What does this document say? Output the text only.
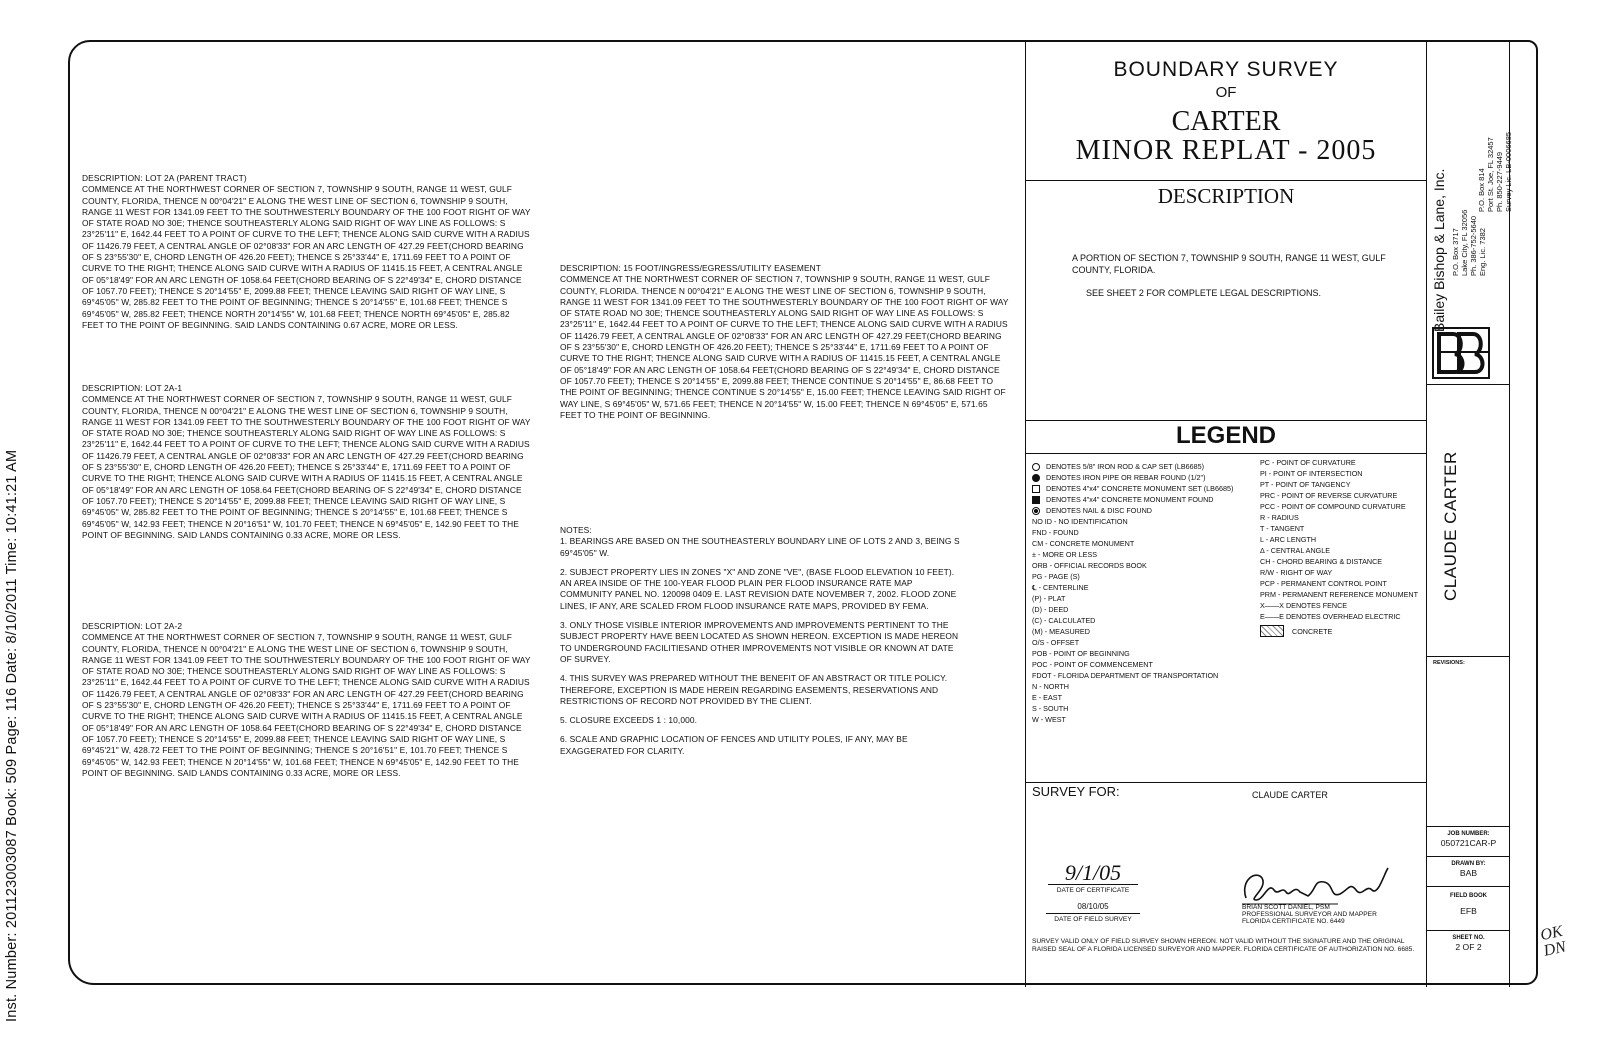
Inst. Number: 201123003087 Book: 509 Page: 116 Date: 8/10/2011 Time: 10:41:21 AM
DESCRIPTION: LOT 2A (PARENT TRACT)
COMMENCE AT THE NORTHWEST CORNER OF SECTION 7, TOWNSHIP 9 SOUTH, RANGE 11 WEST, GULF COUNTY, FLORIDA, THENCE N 00°04'21" E ALONG THE WEST LINE OF SECTION 6, TOWNSHIP 9 SOUTH, RANGE 11 WEST FOR 1341.09 FEET TO THE SOUTHWESTERLY BOUNDARY OF THE 100 FOOT RIGHT OF WAY OF STATE ROAD NO 30E; THENCE SOUTHEASTERLY ALONG SAID RIGHT OF WAY LINE AS FOLLOWS: S 23°25'11" E, 1642.44 FEET TO A POINT OF CURVE TO THE LEFT; THENCE ALONG SAID CURVE WITH A RADIUS OF 11426.79 FEET, A CENTRAL ANGLE OF 02°08'33" FOR AN ARC LENGTH OF 427.29 FEET(CHORD BEARING OF S 23°55'30" E, CHORD LENGTH OF 426.20 FEET); THENCE S 25°33'44" E, 1711.69 FEET TO A POINT OF CURVE TO THE RIGHT; THENCE ALONG SAID CURVE WITH A RADIUS OF 11415.15 FEET, A CENTRAL ANGLE OF 05°18'49" FOR AN ARC LENGTH OF 1058.64 FEET(CHORD BEARING OF S 22°49'34" E, CHORD DISTANCE OF 1057.70 FEET); THENCE S 20°14'55" E, 2099.88 FEET; THENCE LEAVING SAID RIGHT OF WAY LINE, S 69°45'05" W, 285.82 FEET TO THE POINT OF BEGINNING; THENCE S 20°14'55" E, 101.68 FEET; THENCE S 69°45'05" W, 285.82 FEET; THENCE NORTH 20°14'55" W, 101.68 FEET; THENCE NORTH 69°45'05" E, 285.82 FEET TO THE POINT OF BEGINNING. SAID LANDS CONTAINING 0.67 ACRE, MORE OR LESS.
DESCRIPTION: LOT 2A-1
COMMENCE AT THE NORTHWEST CORNER OF SECTION 7, TOWNSHIP 9 SOUTH, RANGE 11 WEST, GULF COUNTY, FLORIDA, THENCE N 00°04'21" E ALONG THE WEST LINE OF SECTION 6, TOWNSHIP 9 SOUTH, RANGE 11 WEST FOR 1341.09 FEET TO THE SOUTHWESTERLY BOUNDARY OF THE 100 FOOT RIGHT OF WAY OF STATE ROAD NO 30E; THENCE SOUTHEASTERLY ALONG SAID RIGHT OF WAY LINE AS FOLLOWS: S 23°25'11" E, 1642.44 FEET TO A POINT OF CURVE TO THE LEFT; THENCE ALONG SAID CURVE WITH A RADIUS OF 11426.79 FEET, A CENTRAL ANGLE OF 02°08'33" FOR AN ARC LENGTH OF 427.29 FEET(CHORD BEARING OF S 23°55'30" E, CHORD LENGTH OF 426.20 FEET); THENCE S 25°33'44" E, 1711.69 FEET TO A POINT OF CURVE TO THE RIGHT; THENCE ALONG SAID CURVE WITH A RADIUS OF 11415.15 FEET, A CENTRAL ANGLE OF 05°18'49" FOR AN ARC LENGTH OF 1058.64 FEET(CHORD BEARING OF S 22°49'34" E, CHORD DISTANCE OF 1057.70 FEET); THENCE S 20°14'55" E, 2099.88 FEET; THENCE LEAVING SAID RIGHT OF WAY LINE, S 69°45'05" W, 285.82 FEET TO THE POINT OF BEGINNING; THENCE S 20°14'55" E, 101.68 FEET; THENCE S 69°45'05" W, 142.93 FEET; THENCE N 20°16'51" W, 101.70 FEET; THENCE N 69°45'05" E, 142.90 FEET TO THE POINT OF BEGINNING. SAID LANDS CONTAINING 0.33 ACRE, MORE OR LESS.
DESCRIPTION: LOT 2A-2
COMMENCE AT THE NORTHWEST CORNER OF SECTION 7, TOWNSHIP 9 SOUTH, RANGE 11 WEST, GULF COUNTY, FLORIDA, THENCE N 00°04'21" E ALONG THE WEST LINE OF SECTION 6, TOWNSHIP 9 SOUTH, RANGE 11 WEST FOR 1341.09 FEET TO THE SOUTHWESTERLY BOUNDARY OF THE 100 FOOT RIGHT OF WAY OF STATE ROAD NO 30E; THENCE SOUTHEASTERLY ALONG SAID RIGHT OF WAY LINE AS FOLLOWS: S 23°25'11" E, 1642.44 FEET TO A POINT OF CURVE TO THE LEFT; THENCE ALONG SAID CURVE WITH A RADIUS OF 11426.79 FEET, A CENTRAL ANGLE OF 02°08'33" FOR AN ARC LENGTH OF 427.29 FEET(CHORD BEARING OF S 23°55'30" E, CHORD LENGTH OF 426.20 FEET); THENCE S 25°33'44" E, 1711.69 FEET TO A POINT OF CURVE TO THE RIGHT; THENCE ALONG SAID CURVE WITH A RADIUS OF 11415.15 FEET, A CENTRAL ANGLE OF 05°18'49" FOR AN ARC LENGTH OF 1058.64 FEET(CHORD BEARING OF S 22°49'34" E, CHORD DISTANCE OF 1057.70 FEET); THENCE S 20°14'55" E, 2099.88 FEET; THENCE LEAVING SAID RIGHT OF WAY LINE, S 69°45'21" W, 428.72 FEET TO THE POINT OF BEGINNING; THENCE S 20°16'51" E, 101.70 FEET; THENCE S 69°45'05" W, 142.93 FEET; THENCE N 20°14'55" W, 101.68 FEET; THENCE N 69°45'05" E, 142.90 FEET TO THE POINT OF BEGINNING. SAID LANDS CONTAINING 0.33 ACRE, MORE OR LESS.
DESCRIPTION: 15 FOOT/INGRESS/EGRESS/UTILITY EASEMENT
COMMENCE AT THE NORTHWEST CORNER OF SECTION 7, TOWNSHIP 9 SOUTH, RANGE 11 WEST, GULF COUNTY, FLORIDA. THENCE N 00°04'21" E ALONG THE WEST LINE OF SECTION 6, TOWNSHIP 9 SOUTH, RANGE 11 WEST FOR 1341.09 FEET TO THE SOUTHWESTERLY BOUNDARY OF THE 100 FOOT RIGHT OF WAY OF STATE ROAD NO 30E; THENCE SOUTHEASTERLY ALONG SAID RIGHT OF WAY LINE AS FOLLOWS: S 23°25'11" E, 1642.44 FEET TO A POINT OF CURVE TO THE LEFT; THENCE ALONG SAID CURVE WITH A RADIUS OF 11426.79 FEET, A CENTRAL ANGLE OF 02°08'33" FOR AN ARC LENGTH OF 427.29 FEET(CHORD BEARING OF S 23°55'30" E, CHORD LENGTH OF 426.20 FEET); THENCE S 25°33'44" E, 1711.69 FEET TO A POINT OF CURVE TO THE RIGHT; THENCE ALONG SAID CURVE WITH A RADIUS OF 11415.15 FEET, A CENTRAL ANGLE OF 05°18'49" FOR AN ARC LENGTH OF 1058.64 FEET(CHORD BEARING OF S 22°49'34" E, CHORD DISTANCE OF 1057.70 FEET); THENCE S 20°14'55" E, 2099.88 FEET; THENCE CONTINUE S 20°14'55" E, 86.68 FEET TO THE POINT OF BEGINNING; THENCE CONTINUE S 20°14'55" E, 15.00 FEET; THENCE LEAVING SAID RIGHT OF WAY LINE, S 69°45'05" W, 571.65 FEET; THENCE N 20°14'55" W, 15.00 FEET; THENCE N 69°45'05" E, 571.65 FEET TO THE POINT OF BEGINNING.
NOTES:
1. BEARINGS ARE BASED ON THE SOUTHEASTERLY BOUNDARY LINE OF LOTS 2 AND 3, BEING S 69°45'05" W.
2. SUBJECT PROPERTY LIES IN ZONES "X" AND ZONE "VE", (BASE FLOOD ELEVATION 10 FEET). AN AREA INSIDE OF THE 100-YEAR FLOOD PLAIN PER FLOOD INSURANCE RATE MAP COMMUNITY PANEL NO. 120098 0409 E. LAST REVISION DATE NOVEMBER 7, 2002. FLOOD ZONE LINES, IF ANY, ARE SCALED FROM FLOOD INSURANCE RATE MAPS, PROVIDED BY FEMA.
3. ONLY THOSE VISIBLE INTERIOR IMPROVEMENTS AND IMPROVEMENTS PERTINENT TO THE SUBJECT PROPERTY HAVE BEEN LOCATED AS SHOWN HEREON. EXCEPTION IS MADE HEREON TO UNDERGROUND FACILITIESAND OTHER IMPROVEMENTS NOT VISIBLE OR KNOWN AT DATE OF SURVEY.
4. THIS SURVEY WAS PREPARED WITHOUT THE BENEFIT OF AN ABSTRACT OR TITLE POLICY. THEREFORE, EXCEPTION IS MADE HEREIN REGARDING EASEMENTS, RESERVATIONS AND RESTRICTIONS OF RECORD NOT PROVIDED BY THE CLIENT.
5. CLOSURE EXCEEDS 1 : 10,000.
6. SCALE AND GRAPHIC LOCATION OF FENCES AND UTILITY POLES, IF ANY, MAY BE EXAGGERATED FOR CLARITY.
BOUNDARY SURVEY
OF
CARTER
MINOR REPLAT - 2005
DESCRIPTION
A PORTION OF SECTION 7, TOWNSHIP 9 SOUTH, RANGE 11 WEST, GULF COUNTY, FLORIDA.
SEE SHEET 2 FOR COMPLETE LEGAL DESCRIPTIONS.
LEGEND
DENOTES 5/8" IRON ROD & CAP SET (LB6685)
DENOTES IRON PIPE OR REBAR FOUND (1/2")
DENOTES 4"x4" CONCRETE MONUMENT SET (LB6685)
DENOTES 4"x4" CONCRETE MONUMENT FOUND
DENOTES NAIL & DISC FOUND
NO ID - NO IDENTIFICATION
FND - FOUND
CM - CONCRETE MONUMENT
± - MORE OR LESS
ORB - OFFICIAL RECORDS BOOK
PG - PAGE (S)
℄ - CENTERLINE
(P) - PLAT
(D) - DEED
(C) - CALCULATED
(M) - MEASURED
O/S - OFFSET
POB - POINT OF BEGINNING
POC - POINT OF COMMENCEMENT
FDOT - FLORIDA DEPARTMENT OF TRANSPORTATION
N - NORTH
E - EAST
S - SOUTH
W - WEST
PC - POINT OF CURVATURE
PI - POINT OF INTERSECTION
PT - POINT OF TANGENCY
PRC - POINT OF REVERSE CURVATURE
PCC - POINT OF COMPOUND CURVATURE
R - RADIUS
T - TANGENT
L - ARC LENGTH
Δ - CENTRAL ANGLE
CH - CHORD BEARING & DISTANCE
R/W - RIGHT OF WAY
PCP - PERMANENT CONTROL POINT
PRM - PERMANENT REFERENCE MONUMENT
X——X DENOTES FENCE
E——E DENOTES OVERHEAD ELECTRIC
CONCRETE
SURVEY FOR:	CLAUDE CARTER
9/1/05
DATE OF CERTIFICATE
08/10/05
DATE OF FIELD SURVEY
BRIAN SCOTT DANIEL, PSM
PROFESSIONAL SURVEYOR AND MAPPER
FLORIDA CERTIFICATE NO. 6449
SURVEY VALID ONLY OF FIELD SURVEY SHOWN HEREON. NOT VALID WITHOUT THE SIGNATURE AND THE ORIGINAL RAISED SEAL OF A FLORIDA LICENSED SURVEYOR AND MAPPER. FLORIDA CERTIFICATE OF AUTHORIZATION NO. 6685.
Bailey Bishop & Lane, Inc. P.O. Box 3717 Lake City, FL 32056 Ph. 386-752-5640 Eng. Lic. 7382
P.O. Box 814 Port St. Joe, FL 32457 Ph. 850-227-9449 Survey Lic. LB-0006685
CLAUDE CARTER
REVISIONS:
JOB NUMBER:
050721CAR-P
DRAWN BY:
BAB
FIELD BOOK
EFB
SHEET NO.
2 OF 2
OK DN
